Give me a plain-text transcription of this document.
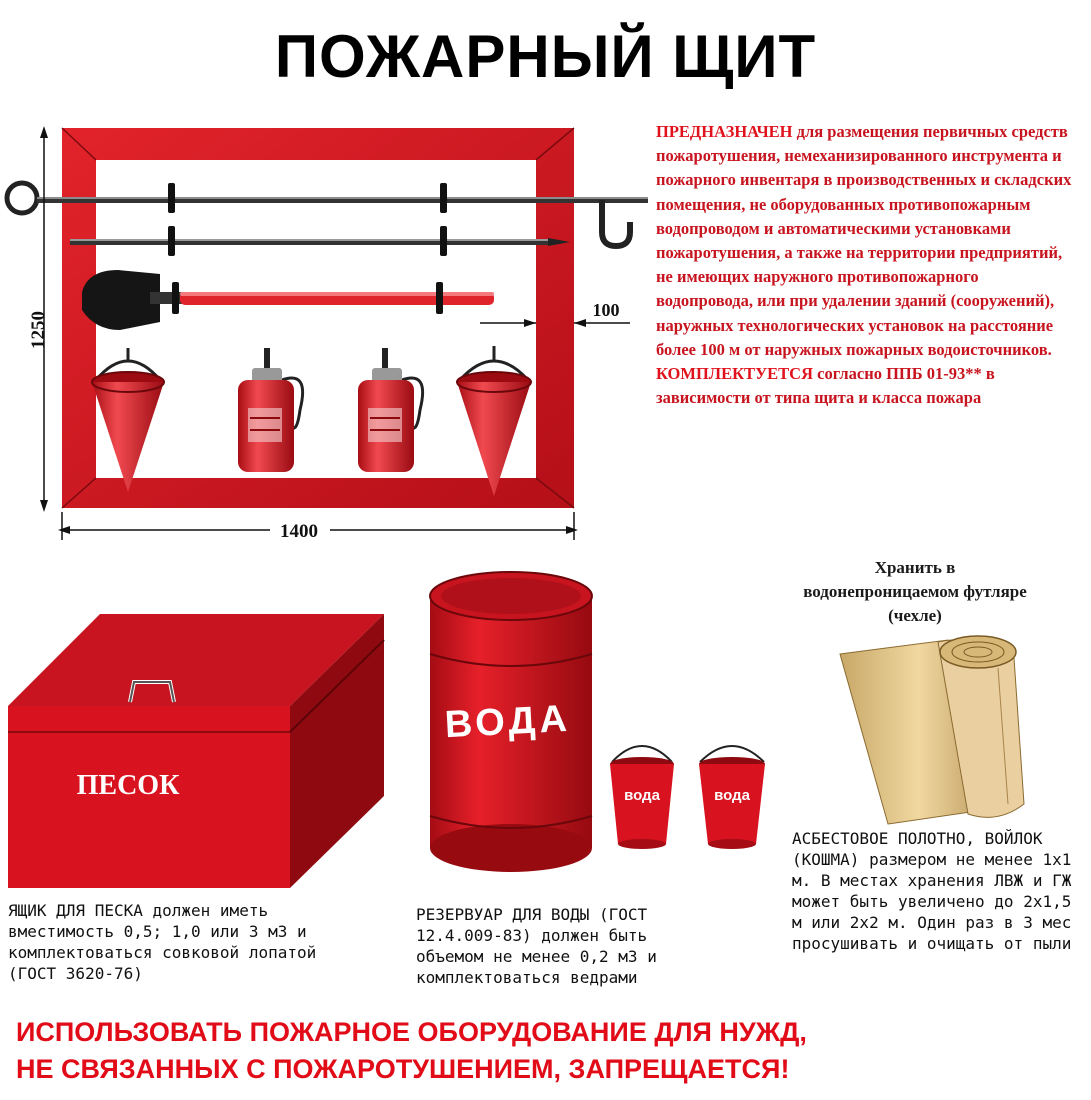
ПОЖАРНЫЙ ЩИТ
1400
1250
100
ПРЕДНАЗНАЧЕН для размещения первичных средств пожаротушения, немеханизированного инструмента и пожарного инвентаря в производственных и складских помещения, не оборудованных противопожарным водопроводом и автоматическими установками пожаротушения, а также на территории предприятий, не имеющих наружного противопожарного водопровода, или при удалении зданий (сооружений), наружных технологических установок на расстояние более 100 м от наружных пожарных водоисточников. КОМПЛЕКТУЕТСЯ согласно ППБ 01-93** в зависимости от типа щита и класса пожара
ПЕСОК
ВОДА
вода	вода
Хранить в водонепроницаемом футляре (чехле)
ЯЩИК ДЛЯ ПЕСКА должен иметь вместимость 0,5; 1,0 или 3 м3 и комплектоваться совковой лопатой (ГОСТ 3620-76)
РЕЗЕРВУАР ДЛЯ ВОДЫ (ГОСТ 12.4.009-83) должен быть объемом не менее 0,2 м3 и комплектоваться ведрами
АСБЕСТОВОЕ ПОЛОТНО, ВОЙЛОК (КОШМА) размером не менее 1х1 м. В местах хранения ЛВЖ и ГЖ может быть увеличено до 2х1,5 м или 2х2 м. Один раз в 3 мес просушивать и очищать от пыли
ИСПОЛЬЗОВАТЬ ПОЖАРНОЕ ОБОРУДОВАНИЕ ДЛЯ НУЖД,
НЕ СВЯЗАННЫХ С ПОЖАРОТУШЕНИЕМ, ЗАПРЕЩАЕТСЯ!
